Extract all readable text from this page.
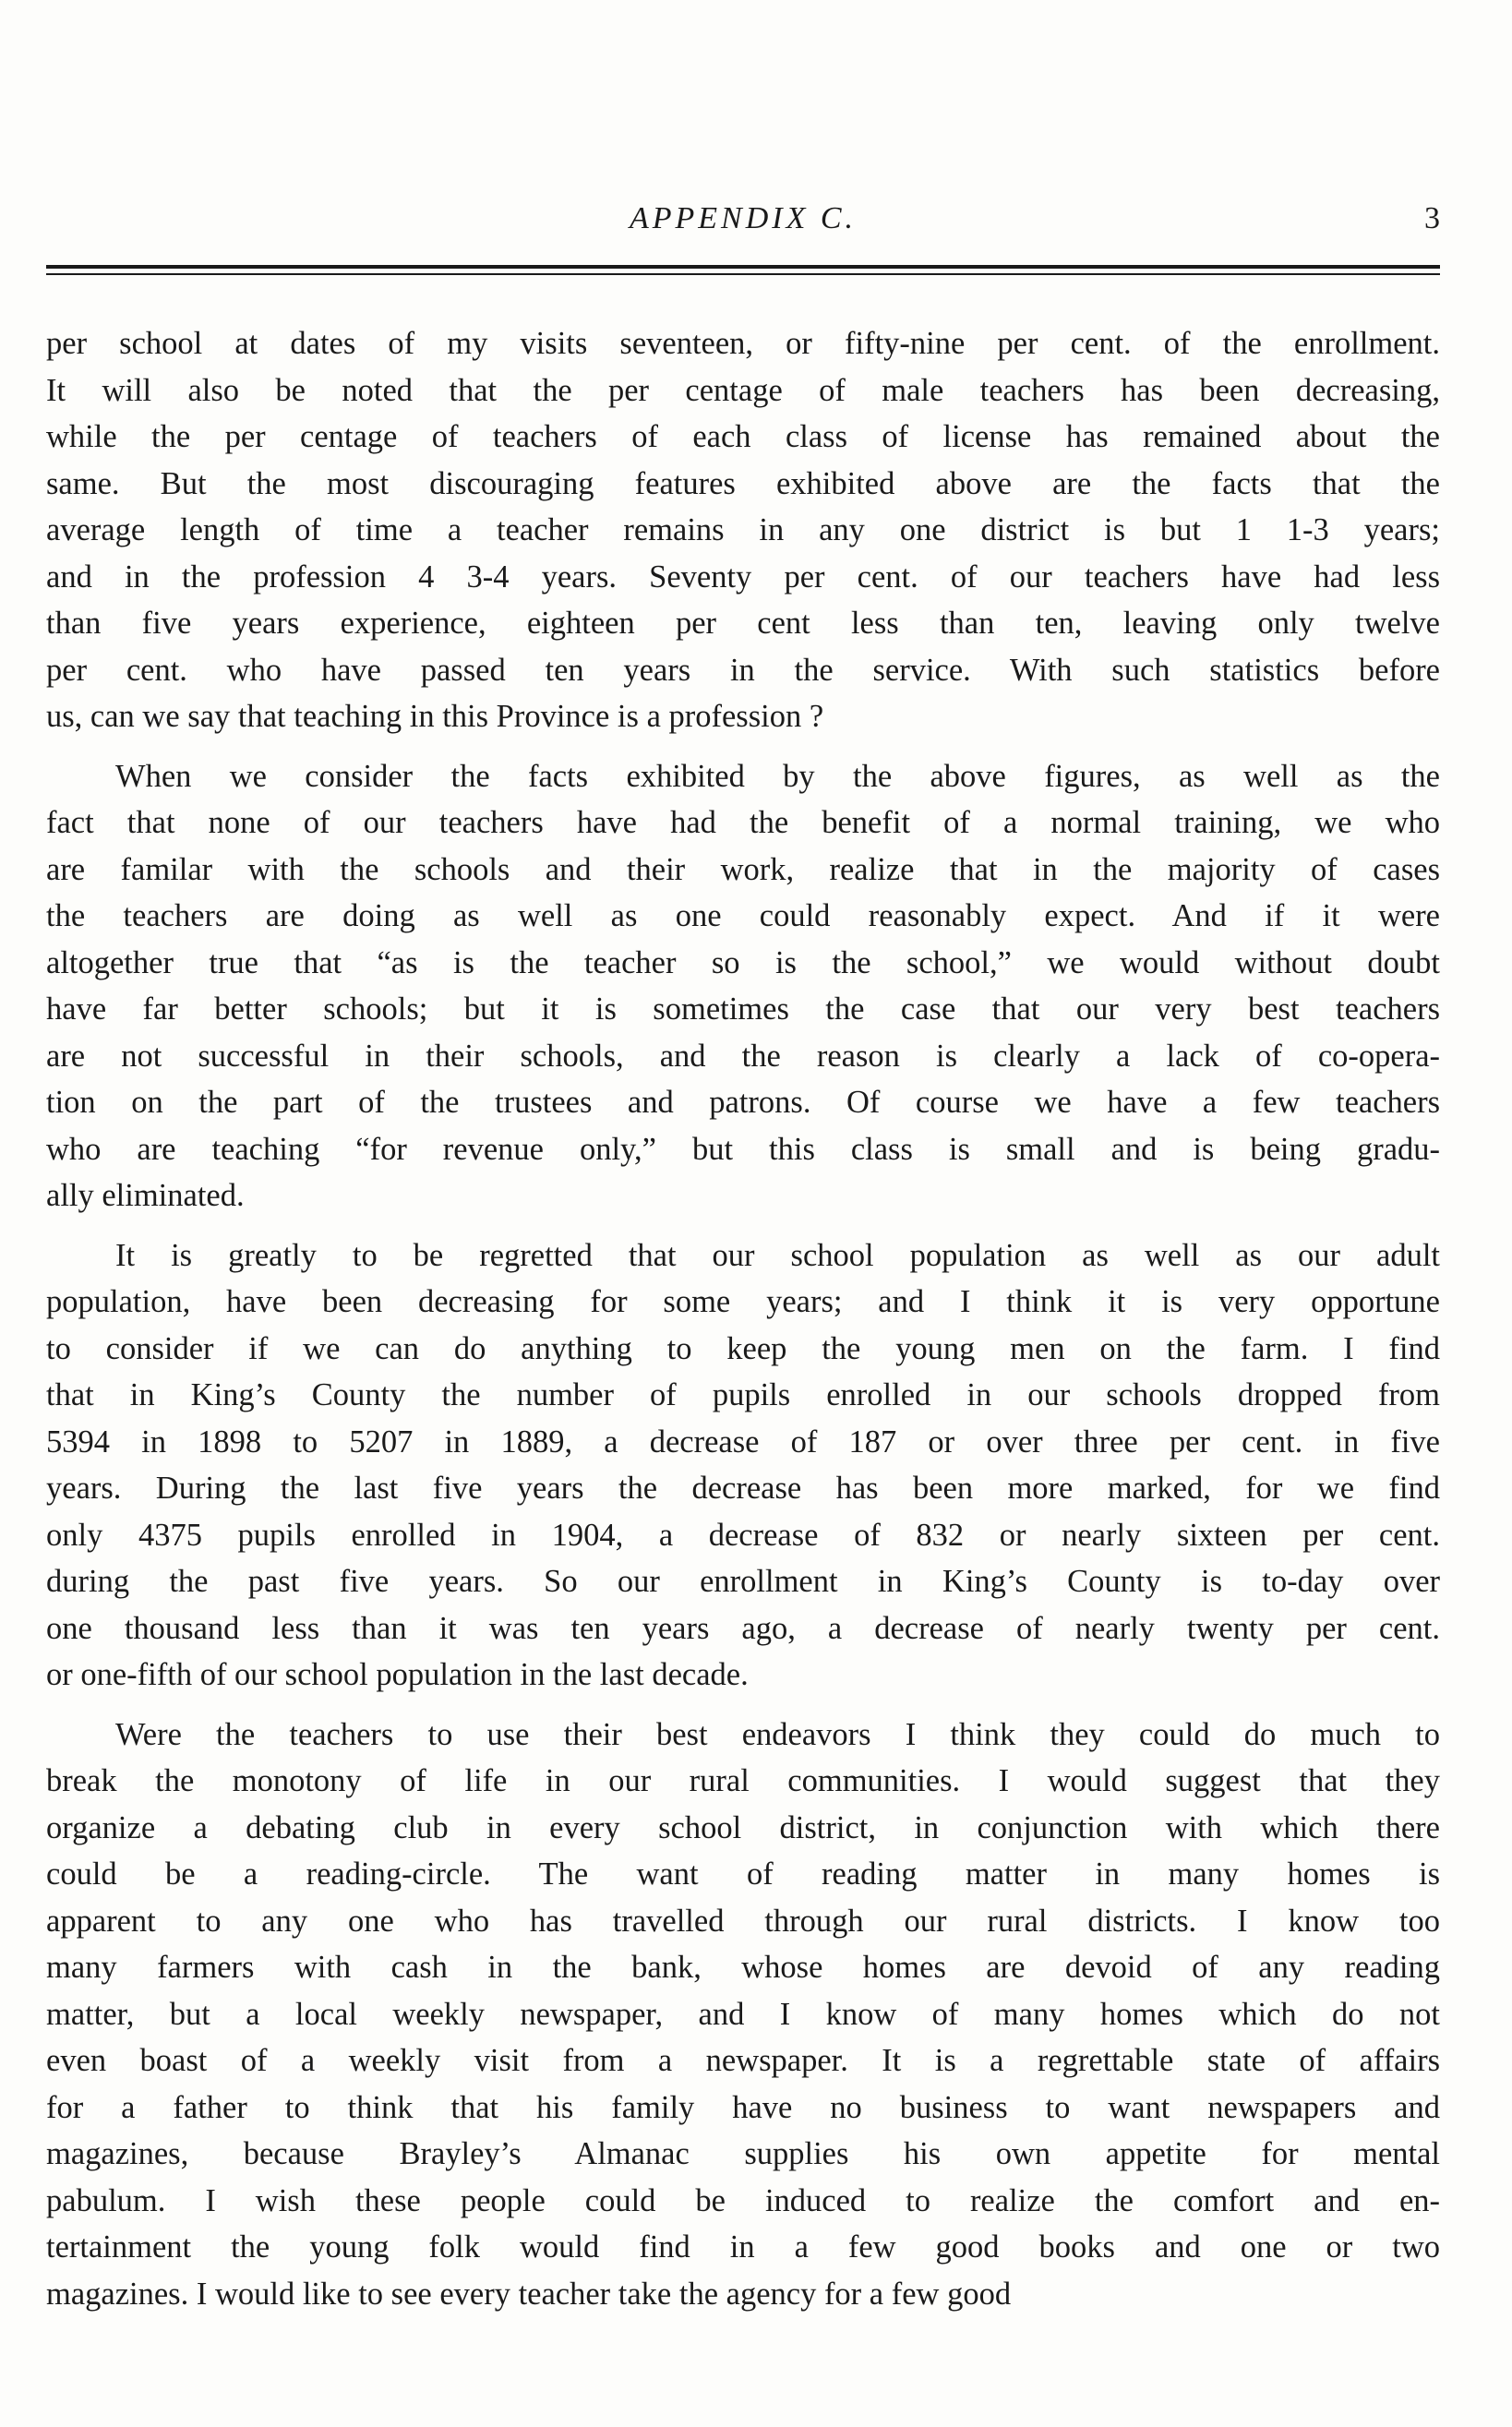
APPENDIX C.	3

per school at dates of my visits seventeen, or fifty-nine per cent. of the enrollment.
It will also be noted that the per centage of male teachers has been decreasing,
while the per centage of teachers of each class of license has remained about the
same. But the most discouraging features exhibited above are the facts that the
average length of time a teacher remains in any one district is but 1 1-3 years;
and in the profession 4 3-4 years. Seventy per cent. of our teachers have had less
than five years experience, eighteen per cent less than ten, leaving only twelve
per cent. who have passed ten years in the service. With such statistics before
us, can we say that teaching in this Province is a profession ?

When we consider the facts exhibited by the above figures, as well as the
fact that none of our teachers have had the benefit of a normal training, we who
are familar with the schools and their work, realize that in the majority of cases
the teachers are doing as well as one could reasonably expect. And if it were
altogether true that “as is the teacher so is the school,” we would without doubt
have far better schools; but it is sometimes the case that our very best teachers
are not successful in their schools, and the reason is clearly a lack of co-opera-
tion on the part of the trustees and patrons. Of course we have a few teachers
who are teaching “for revenue only,” but this class is small and is being gradu-
ally eliminated.

It is greatly to be regretted that our school population as well as our adult
population, have been decreasing for some years; and I think it is very opportune
to consider if we can do anything to keep the young men on the farm. I find
that in King’s County the number of pupils enrolled in our schools dropped from
5394 in 1898 to 5207 in 1889, a decrease of 187 or over three per cent. in five
years. During the last five years the decrease has been more marked, for we find
only 4375 pupils enrolled in 1904, a decrease of 832 or nearly sixteen per cent.
during the past five years. So our enrollment in King’s County is to-day over
one thousand less than it was ten years ago, a decrease of nearly twenty per cent.
or one-fifth of our school population in the last decade.

Were the teachers to use their best endeavors I think they could do much to
break the monotony of life in our rural communities. I would suggest that they
organize a debating club in every school district, in conjunction with which there
could be a reading-circle. The want of reading matter in many homes is
apparent to any one who has travelled through our rural districts. I know too
many farmers with cash in the bank, whose homes are devoid of any reading
matter, but a local weekly newspaper, and I know of many homes which do not
even boast of a weekly visit from a newspaper. It is a regrettable state of affairs
for a father to think that his family have no business to want newspapers and
magazines, because Brayley’s Almanac supplies his own appetite for mental
pabulum. I wish these people could be induced to realize the comfort and en-
tertainment the young folk would find in a few good books and one or two
magazines. I would like to see every teacher take the agency for a few good
